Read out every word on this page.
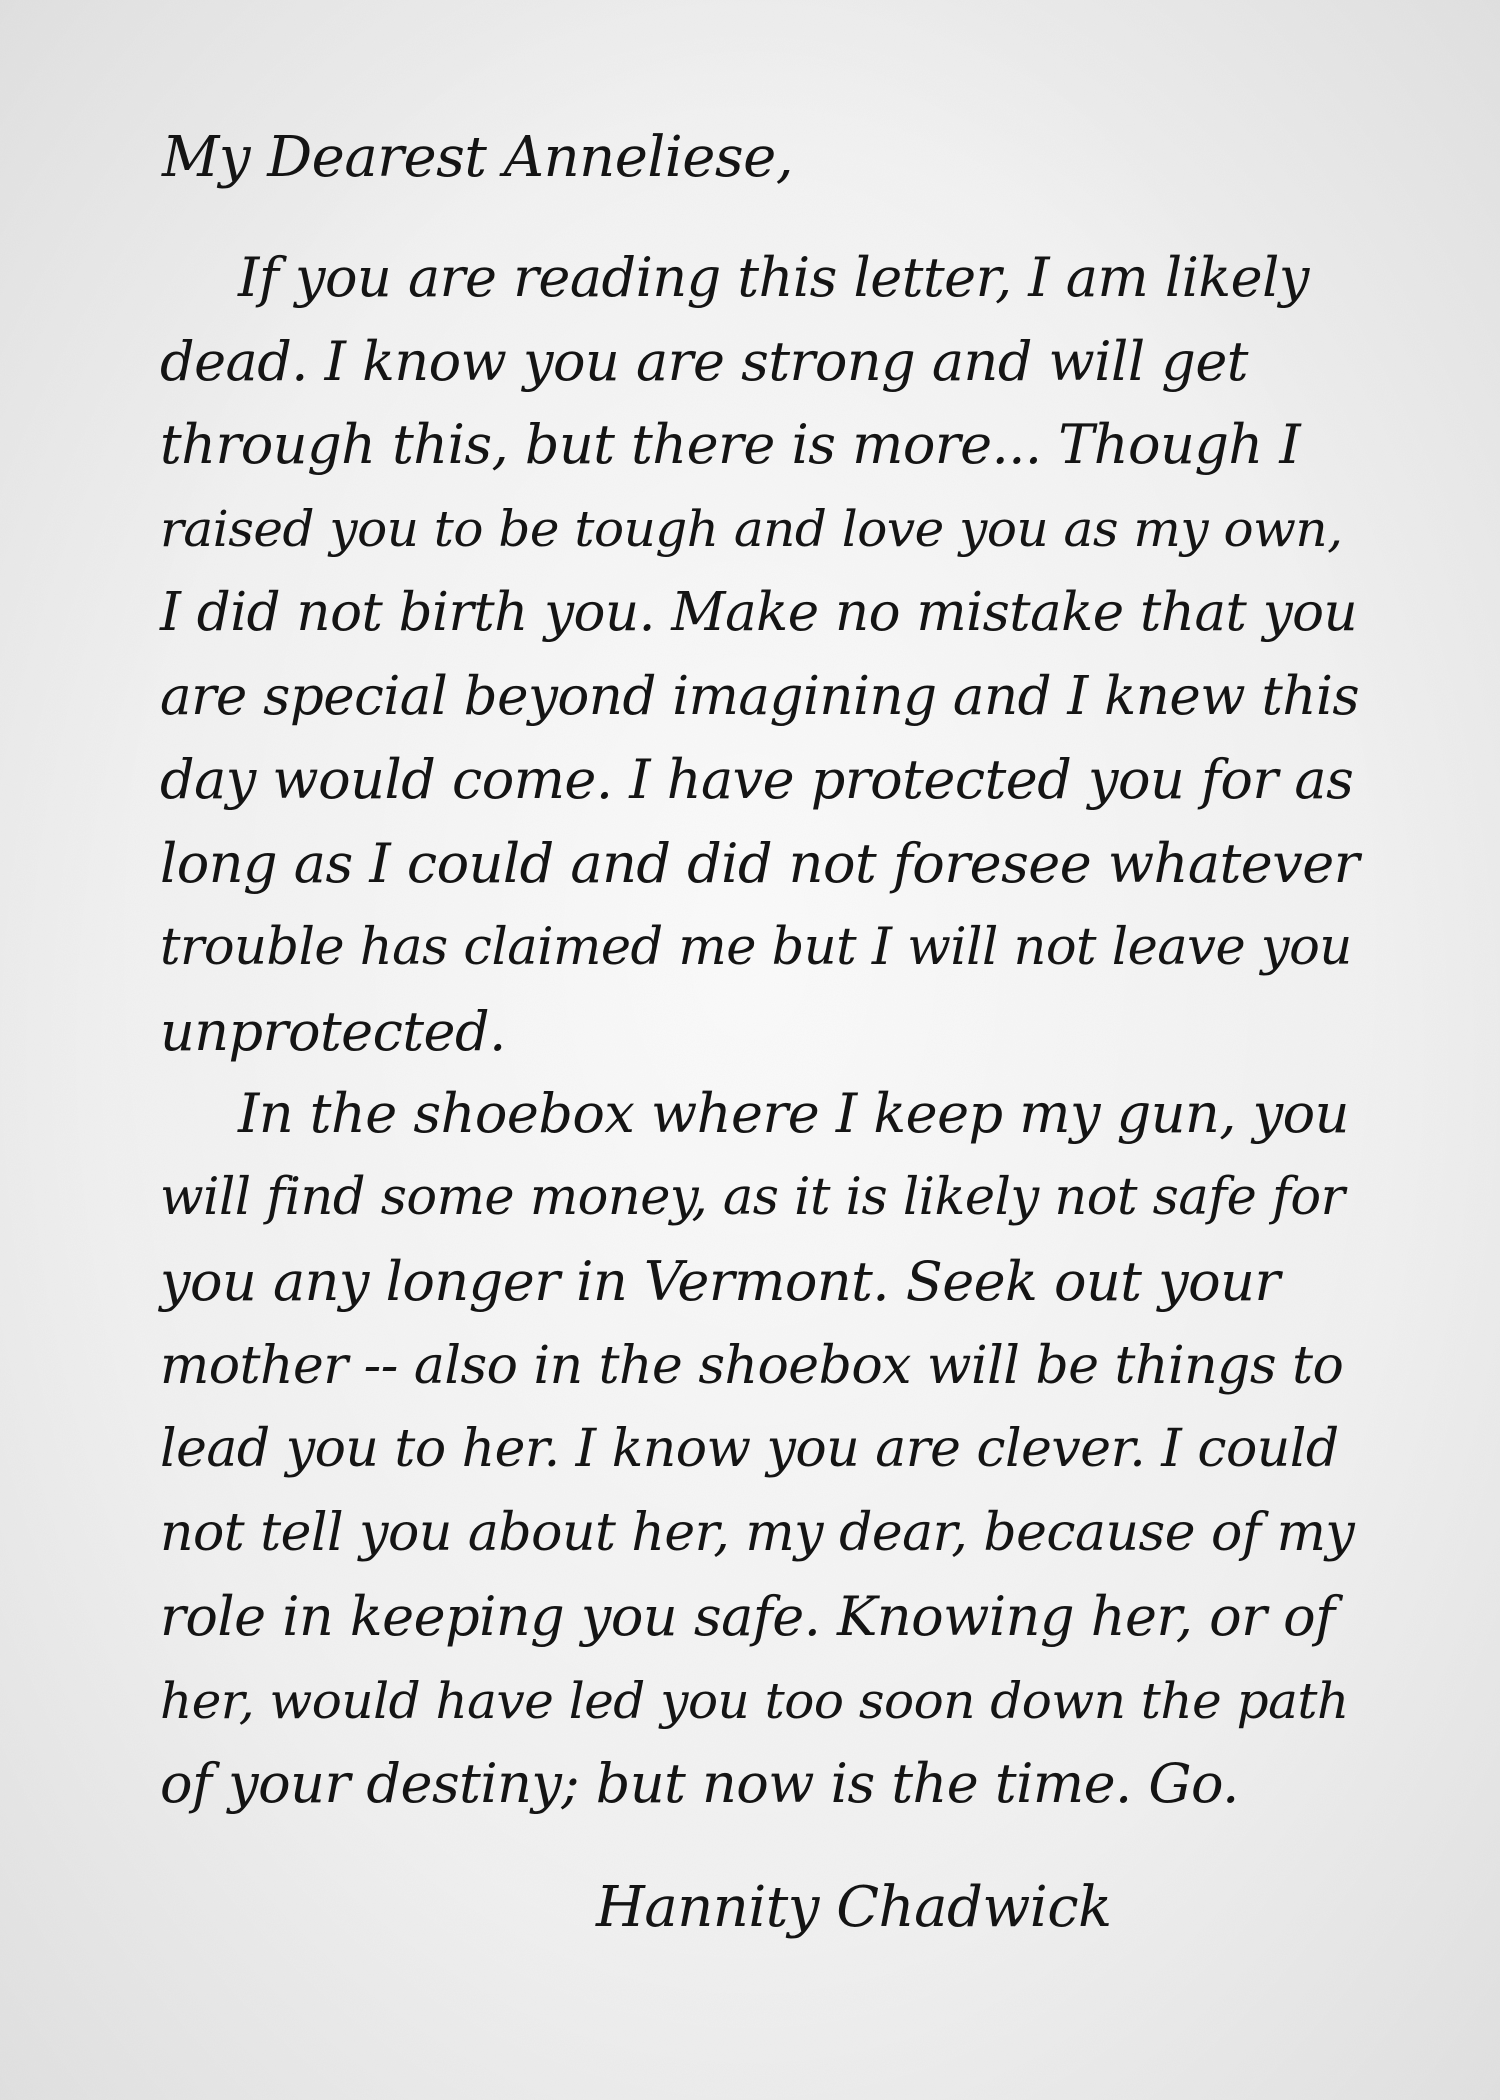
My Dearest Anneliese,
If you are reading this letter, I am likely
dead. I know you are strong and will get
through this, but there is more... Though I
raised you to be tough and love you as my own,
I did not birth you. Make no mistake that you
are special beyond imagining and I knew this
day would come. I have protected you for as
long as I could and did not foresee whatever
trouble has claimed me but I will not leave you
unprotected.
In the shoebox where I keep my gun, you
will find some money, as it is likely not safe for
you any longer in Vermont. Seek out your
mother -- also in the shoebox will be things to
lead you to her. I know you are clever. I could
not tell you about her, my dear, because of my
role in keeping you safe. Knowing her, or of
her, would have led you too soon down the path
of your destiny; but now is the time. Go.
Hannity Chadwick
